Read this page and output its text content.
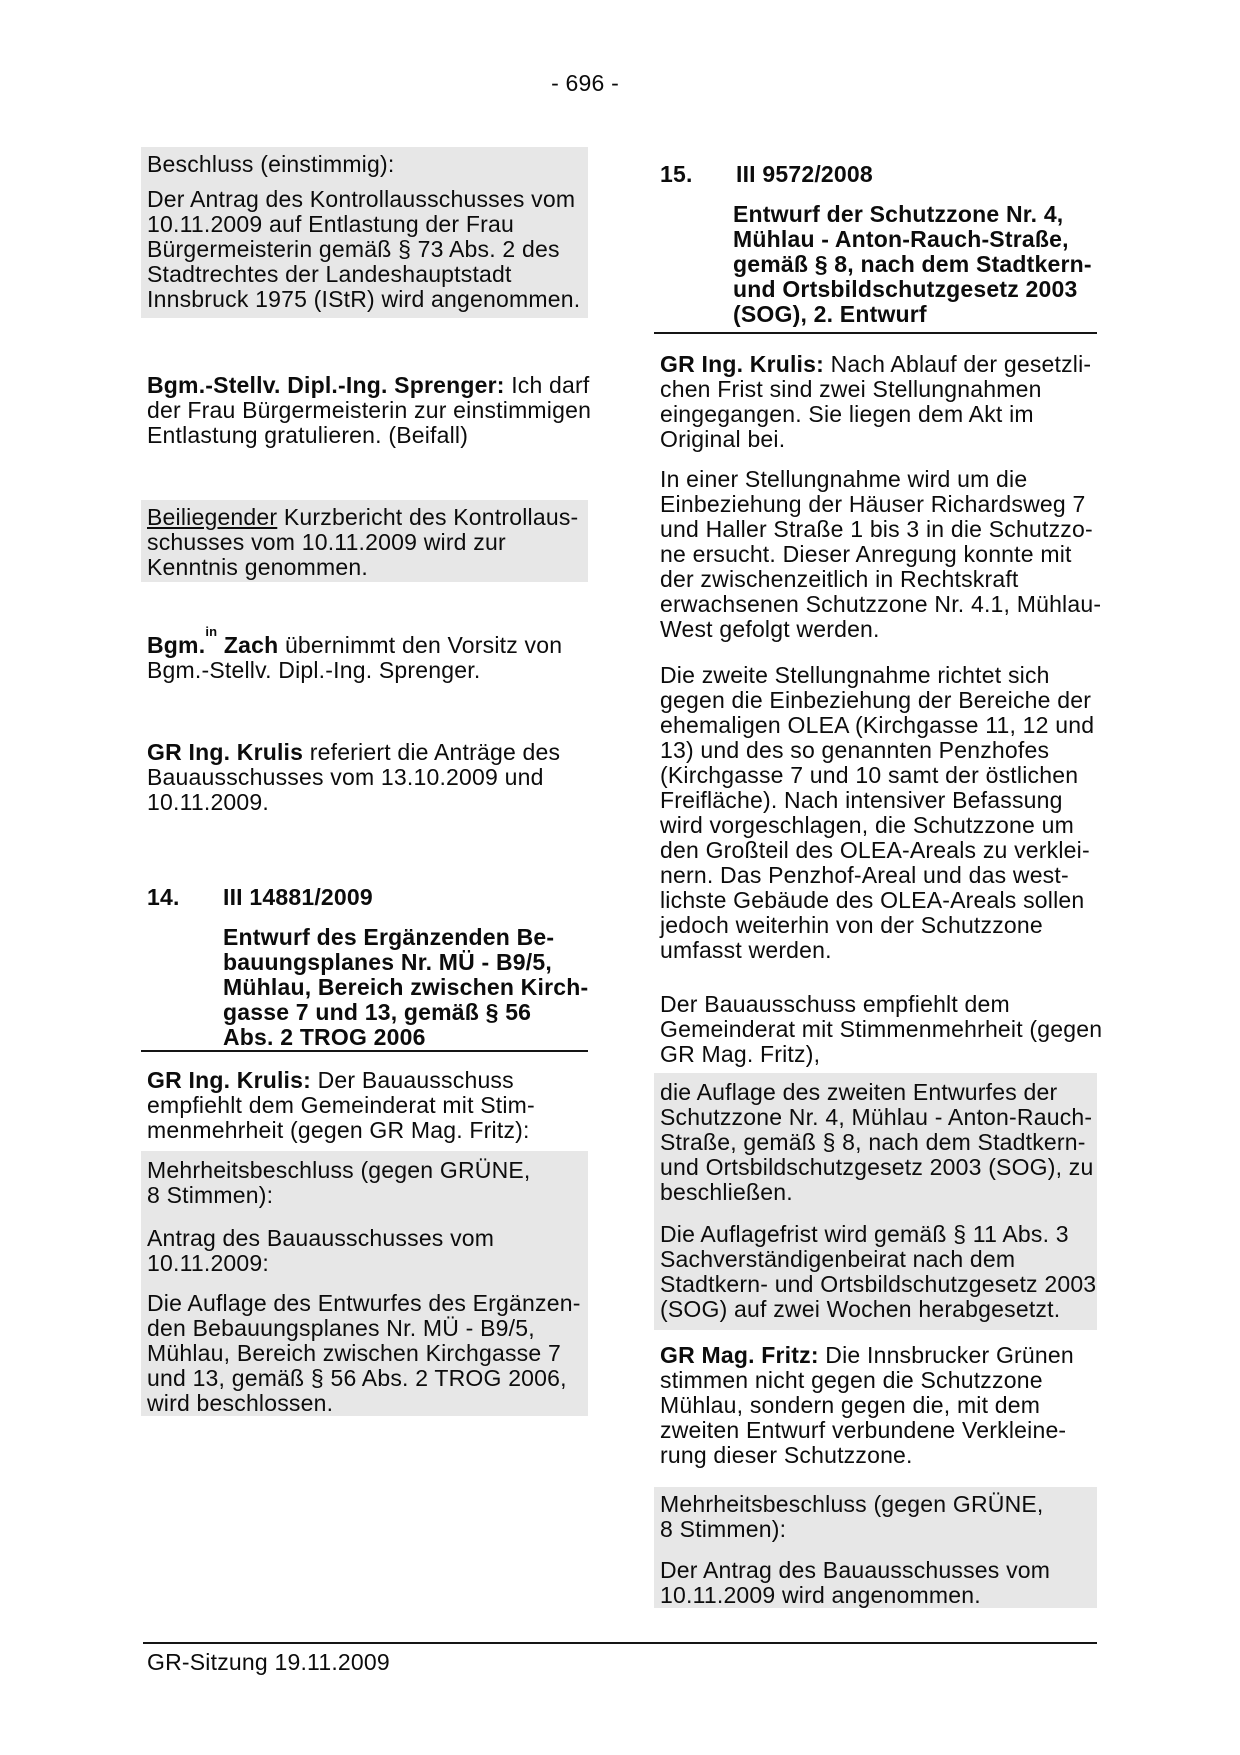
- 696 -
Beschluss (einstimmig):
Der Antrag des Kontrollausschusses vom
10.11.2009 auf Entlastung der Frau
Bürgermeisterin gemäß § 73 Abs. 2 des
Stadtrechtes der Landeshauptstadt
Innsbruck 1975 (IStR) wird angenommen.
Bgm.-Stellv. Dipl.-Ing. Sprenger: Ich darf
der Frau Bürgermeisterin zur einstimmigen
Entlastung gratulieren. (Beifall)
Beiliegender Kurzbericht des Kontrollaus-
schusses vom 10.11.2009 wird zur
Kenntnis genommen.
Bgm.$^{in}$ Zach übernimmt den Vorsitz von
Bgm.-Stellv. Dipl.-Ing. Sprenger.
GR Ing. Krulis referiert die Anträge des
Bauausschusses vom 13.10.2009 und
10.11.2009.
14. III 14881/2009
Entwurf des Ergänzenden Be-
bauungsplanes Nr. MÜ - B9/5,
Mühlau, Bereich zwischen Kirch-
gasse 7 und 13, gemäß § 56
Abs. 2 TROG 2006
GR Ing. Krulis: Der Bauausschuss
empfiehlt dem Gemeinderat mit Stim-
menmehrheit (gegen GR Mag. Fritz):
Mehrheitsbeschluss (gegen GRÜNE,
8 Stimmen):
Antrag des Bauausschusses vom
10.11.2009:
Die Auflage des Entwurfes des Ergänzen-
den Bebauungsplanes Nr. MÜ - B9/5,
Mühlau, Bereich zwischen Kirchgasse 7
und 13, gemäß § 56 Abs. 2 TROG 2006,
wird beschlossen.
15. III 9572/2008
Entwurf der Schutzzone Nr. 4,
Mühlau - Anton-Rauch-Straße,
gemäß § 8, nach dem Stadtkern-
und Ortsbildschutzgesetz 2003
(SOG), 2. Entwurf
GR Ing. Krulis: Nach Ablauf der gesetzli-
chen Frist sind zwei Stellungnahmen
eingegangen. Sie liegen dem Akt im
Original bei.
In einer Stellungnahme wird um die
Einbeziehung der Häuser Richardsweg 7
und Haller Straße 1 bis 3 in die Schutzzo-
ne ersucht. Dieser Anregung konnte mit
der zwischenzeitlich in Rechtskraft
erwachsenen Schutzzone Nr. 4.1, Mühlau-
West gefolgt werden.
Die zweite Stellungnahme richtet sich
gegen die Einbeziehung der Bereiche der
ehemaligen OLEA (Kirchgasse 11, 12 und
13) und des so genannten Penzhofes
(Kirchgasse 7 und 10 samt der östlichen
Freifläche). Nach intensiver Befassung
wird vorgeschlagen, die Schutzzone um
den Großteil des OLEA-Areals zu verklei-
nern. Das Penzhof-Areal und das west-
lichste Gebäude des OLEA-Areals sollen
jedoch weiterhin von der Schutzzone
umfasst werden.
Der Bauausschuss empfiehlt dem
Gemeinderat mit Stimmenmehrheit (gegen
GR Mag. Fritz),
die Auflage des zweiten Entwurfes der
Schutzzone Nr. 4, Mühlau - Anton-Rauch-
Straße, gemäß § 8, nach dem Stadtkern-
und Ortsbildschutzgesetz 2003 (SOG), zu
beschließen.
Die Auflagefrist wird gemäß § 11 Abs. 3
Sachverständigenbeirat nach dem
Stadtkern- und Ortsbildschutzgesetz 2003
(SOG) auf zwei Wochen herabgesetzt.
GR Mag. Fritz: Die Innsbrucker Grünen
stimmen nicht gegen die Schutzzone
Mühlau, sondern gegen die, mit dem
zweiten Entwurf verbundene Verkleine-
rung dieser Schutzzone.
Mehrheitsbeschluss (gegen GRÜNE,
8 Stimmen):
Der Antrag des Bauausschusses vom
10.11.2009 wird angenommen.
GR-Sitzung 19.11.2009
